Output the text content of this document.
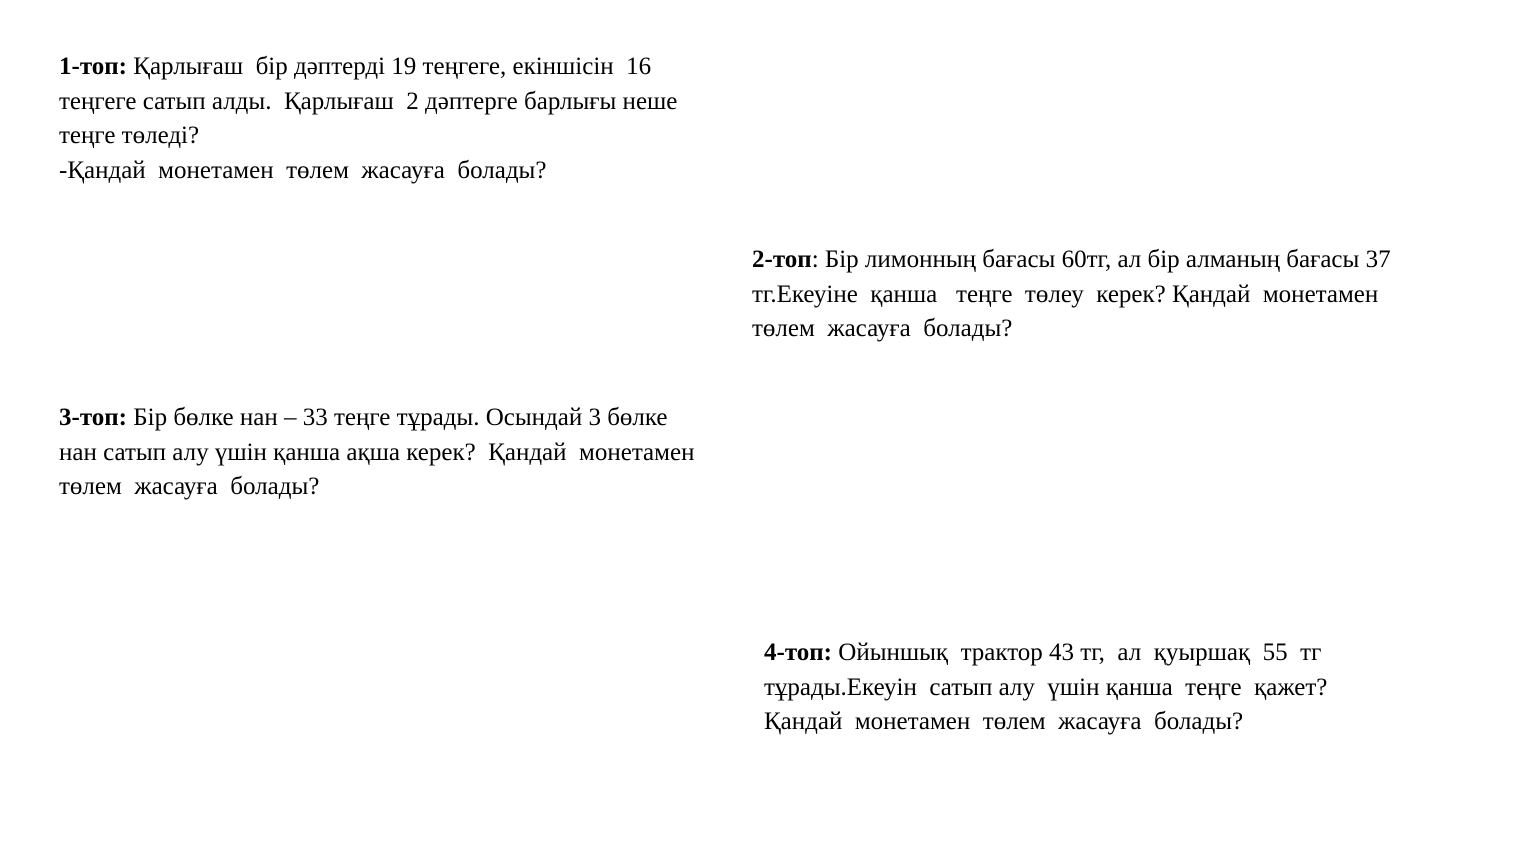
1-топ: Қарлығаш  бір дәптерді 19 теңгеге, екіншісін  16
теңгеге сатып алды.  Қарлығаш  2 дәптерге барлығы неше
теңге төледі?
-Қандай  монетамен  төлем  жасауға  болады?
2-топ: Бір лимонның бағасы 60тг, ал бір алманың бағасы 37
тг.Екеуіне  қанша   теңге  төлеу  керек? Қандай  монетамен
төлем  жасауға  болады?
3-топ: Бір бөлке нан – 33 теңге тұрады. Осындай 3 бөлке
нан сатып алу үшін қанша ақша керек?  Қандай  монетамен
төлем  жасауға  болады?
4-топ: Ойыншық  трактор 43 тг,  ал  қуыршақ  55  тг
тұрады.Екеуін  сатып алу  үшін қанша  теңге  қажет?
Қандай  монетамен  төлем  жасауға  болады?
